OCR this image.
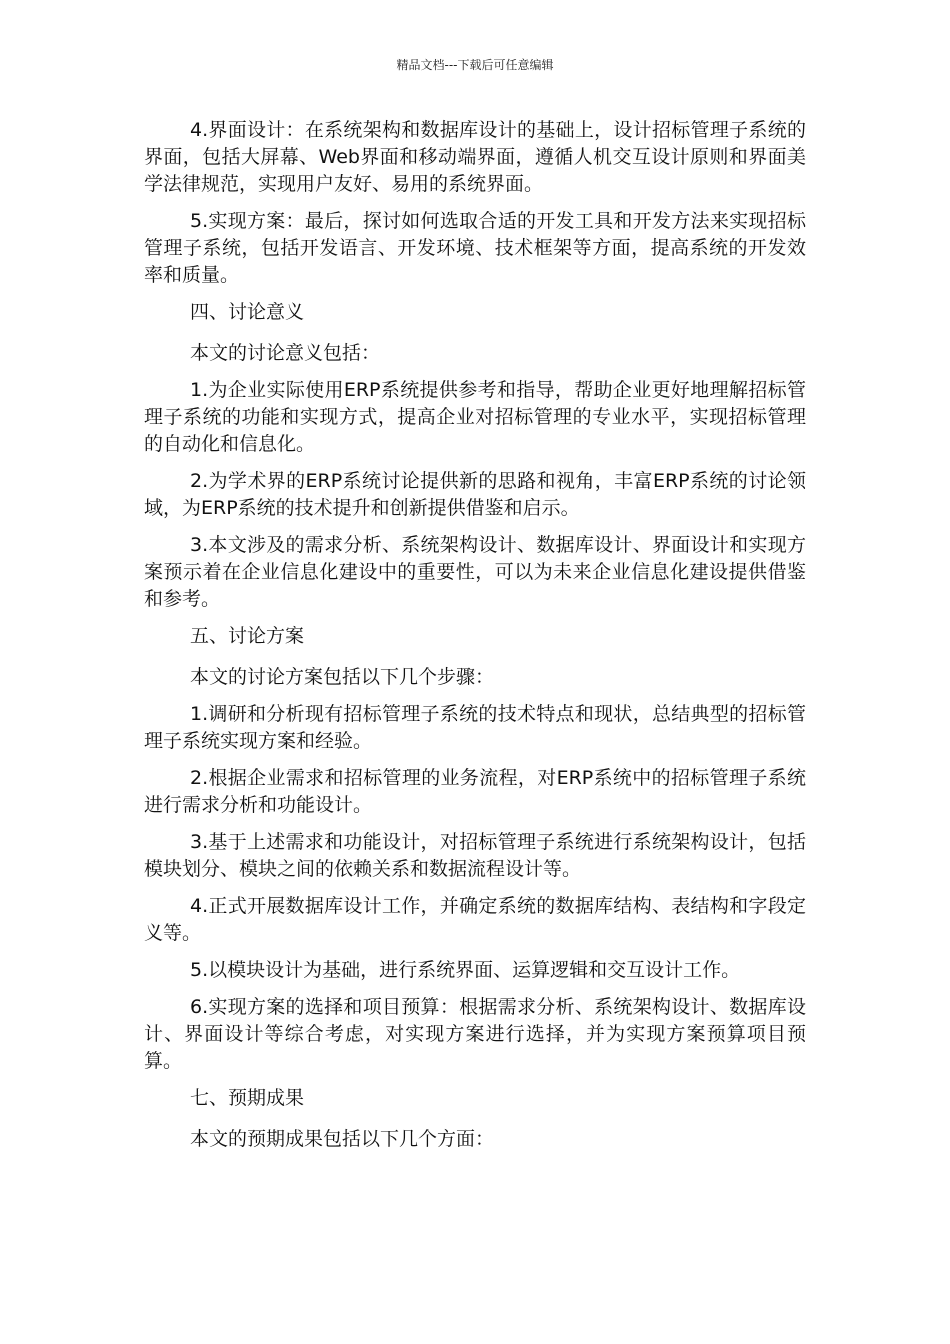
精品文档---下载后可任意编辑

4.界面设计：在系统架构和数据库设计的基础上，设计招标管理子系统的界面，包括大屏幕、Web界面和移动端界面，遵循人机交互设计原则和界面美学法律规范，实现用户友好、易用的系统界面。

5.实现方案：最后，探讨如何选取合适的开发工具和开发方法来实现招标管理子系统，包括开发语言、开发环境、技术框架等方面，提高系统的开发效率和质量。

四、讨论意义

本文的讨论意义包括：

1.为企业实际使用ERP系统提供参考和指导，帮助企业更好地理解招标管理子系统的功能和实现方式，提高企业对招标管理的专业水平，实现招标管理的自动化和信息化。

2.为学术界的ERP系统讨论提供新的思路和视角，丰富ERP系统的讨论领域，为ERP系统的技术提升和创新提供借鉴和启示。

3.本文涉及的需求分析、系统架构设计、数据库设计、界面设计和实现方案预示着在企业信息化建设中的重要性，可以为未来企业信息化建设提供借鉴和参考。

五、讨论方案

本文的讨论方案包括以下几个步骤：

1.调研和分析现有招标管理子系统的技术特点和现状，总结典型的招标管理子系统实现方案和经验。

2.根据企业需求和招标管理的业务流程，对ERP系统中的招标管理子系统进行需求分析和功能设计。

3.基于上述需求和功能设计，对招标管理子系统进行系统架构设计，包括模块划分、模块之间的依赖关系和数据流程设计等。

4.正式开展数据库设计工作，并确定系统的数据库结构、表结构和字段定义等。

5.以模块设计为基础，进行系统界面、运算逻辑和交互设计工作。

6.实现方案的选择和项目预算：根据需求分析、系统架构设计、数据库设计、界面设计等综合考虑，对实现方案进行选择，并为实现方案预算项目预算。

七、预期成果

本文的预期成果包括以下几个方面：
